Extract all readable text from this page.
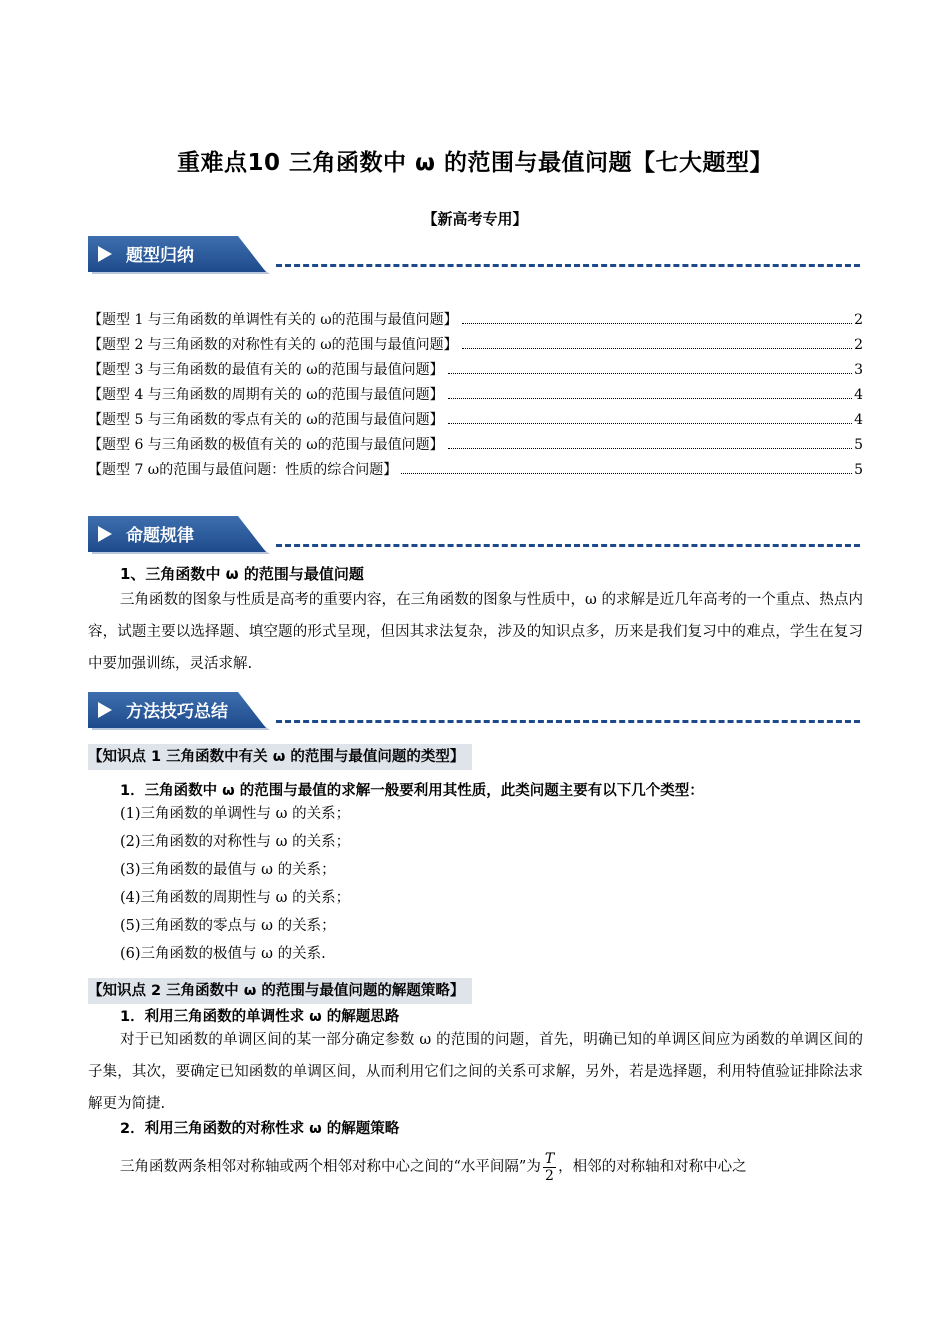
重难点10 三角函数中 ω 的范围与最值问题【七大题型】
【新高考专用】
题型归纳
【题型 1 与三角函数的单调性有关的 ω的范围与最值问题】	2
【题型 2 与三角函数的对称性有关的 ω的范围与最值问题】	2
【题型 3 与三角函数的最值有关的 ω的范围与最值问题】	3
【题型 4 与三角函数的周期有关的 ω的范围与最值问题】	4
【题型 5 与三角函数的零点有关的 ω的范围与最值问题】	4
【题型 6 与三角函数的极值有关的 ω的范围与最值问题】	5
【题型 7 ω的范围与最值问题：性质的综合问题】	5
命题规律
1、三角函数中 ω 的范围与最值问题
三角函数的图象与性质是高考的重要内容，在三角函数的图象与性质中，ω 的求解是近几年高考的一个重点、热点内容，试题主要以选择题、填空题的形式呈现，但因其求法复杂，涉及的知识点多，历来是我们复习中的难点，学生在复习中要加强训练，灵活求解.
方法技巧总结
【知识点 1 三角函数中有关 ω 的范围与最值问题的类型】
1．三角函数中 ω 的范围与最值的求解一般要利用其性质，此类问题主要有以下几个类型：
(1)三角函数的单调性与 ω 的关系；
(2)三角函数的对称性与 ω 的关系；
(3)三角函数的最值与 ω 的关系；
(4)三角函数的周期性与 ω 的关系；
(5)三角函数的零点与 ω 的关系；
(6)三角函数的极值与 ω 的关系.
【知识点 2 三角函数中 ω 的范围与最值问题的解题策略】
1．利用三角函数的单调性求 ω 的解题思路
对于已知函数的单调区间的某一部分确定参数 ω 的范围的问题，首先，明确已知的单调区间应为函数的单调区间的子集，其次，要确定已知函数的单调区间，从而利用它们之间的关系可求解，另外，若是选择题，利用特值验证排除法求解更为简捷.
2．利用三角函数的对称性求 ω 的解题策略
三角函数两条相邻对称轴或两个相邻对称中心之间的“水平间隔”为 $\frac{T}{2}$ ，相邻的对称轴和对称中心之
